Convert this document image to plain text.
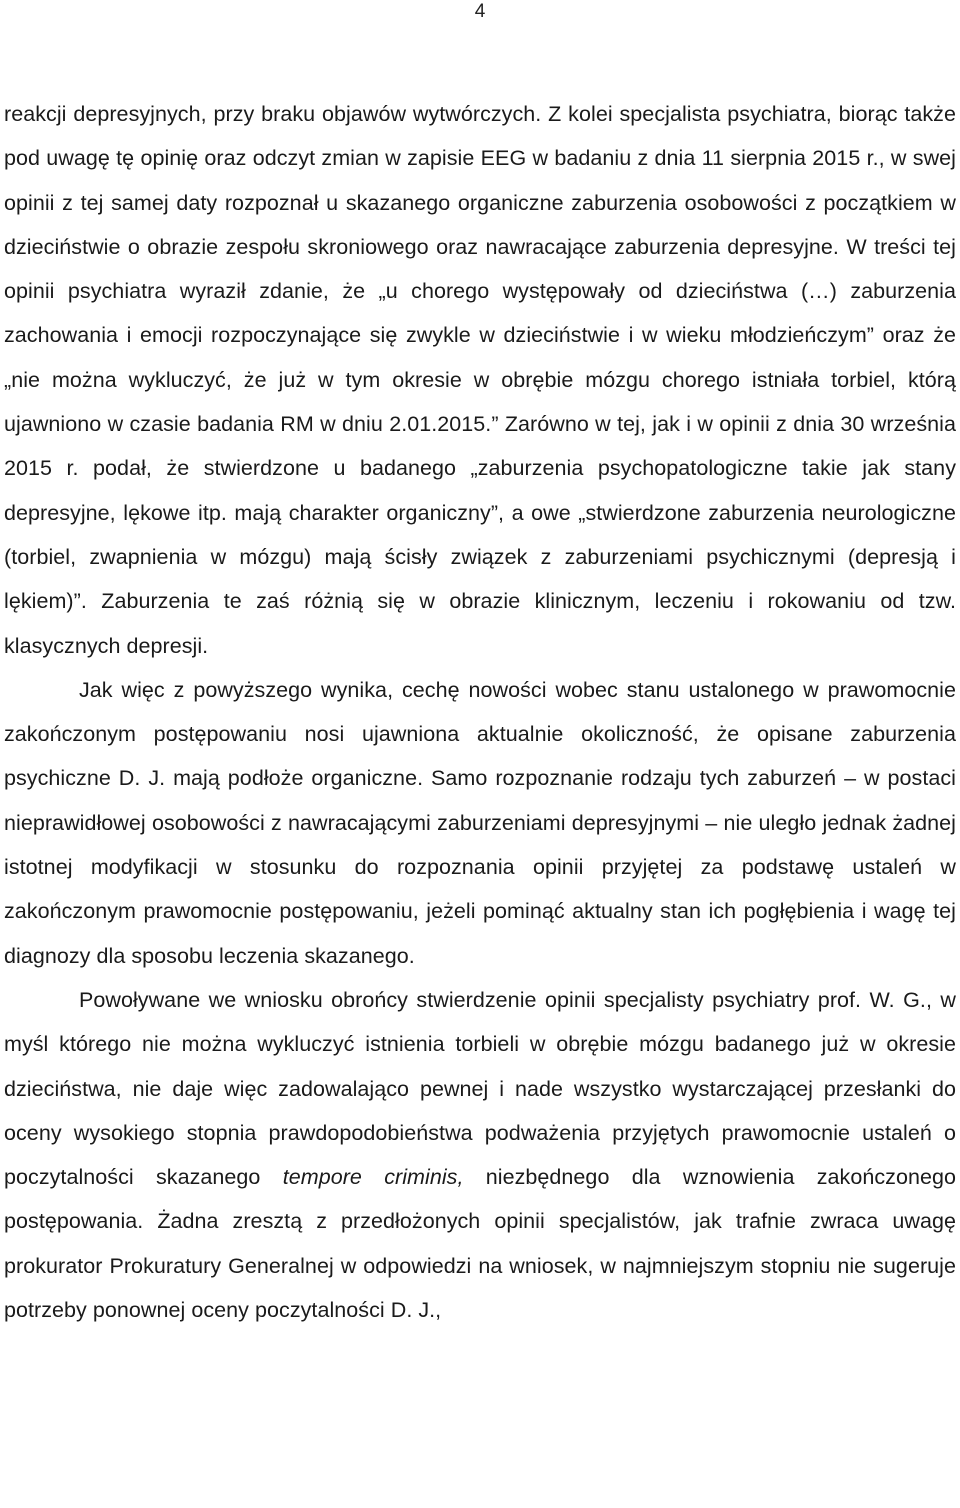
4

reakcji depresyjnych, przy braku objawów wytwórczych. Z kolei specjalista psychiatra, biorąc także pod uwagę tę opinię oraz odczyt zmian w zapisie EEG w badaniu z dnia 11 sierpnia 2015 r., w swej opinii z tej samej daty rozpoznał u skazanego organiczne zaburzenia osobowości z początkiem w dzieciństwie o obrazie zespołu skroniowego oraz nawracające zaburzenia depresyjne. W treści tej opinii psychiatra wyraził zdanie, że „u chorego występowały od dzieciństwa (…) zaburzenia zachowania i emocji rozpoczynające się zwykle w dzieciństwie i w wieku młodzieńczym” oraz że „nie można wykluczyć, że już w tym okresie w obrębie mózgu chorego istniała torbiel, którą ujawniono w czasie badania RM w dniu 2.01.2015.” Zarówno w tej, jak i w opinii z dnia 30 września 2015 r. podał, że stwierdzone u badanego „zaburzenia psychopatologiczne takie jak stany depresyjne, lękowe itp. mają charakter organiczny”, a owe „stwierdzone zaburzenia neurologiczne (torbiel, zwapnienia w mózgu) mają ścisły związek z zaburzeniami psychicznymi (depresją i lękiem)”. Zaburzenia te zaś różnią się w obrazie klinicznym, leczeniu i rokowaniu od tzw. klasycznych depresji.

Jak więc z powyższego wynika, cechę nowości wobec stanu ustalonego w prawomocnie zakończonym postępowaniu nosi ujawniona aktualnie okoliczność, że opisane zaburzenia psychiczne D. J. mają podłoże organiczne. Samo rozpoznanie rodzaju tych zaburzeń – w postaci nieprawidłowej osobowości z nawracającymi zaburzeniami depresyjnymi – nie uległo jednak żadnej istotnej modyfikacji w stosunku do rozpoznania opinii przyjętej za podstawę ustaleń w zakończonym prawomocnie postępowaniu, jeżeli pominąć aktualny stan ich pogłębienia i wagę tej diagnozy dla sposobu leczenia skazanego.

Powoływane we wniosku obrońcy stwierdzenie opinii specjalisty psychiatry prof. W. G., w myśl którego nie można wykluczyć istnienia torbieli w obrębie mózgu badanego już w okresie dzieciństwa, nie daje więc zadowalająco pewnej i nade wszystko wystarczającej przesłanki do oceny wysokiego stopnia prawdopodobieństwa podważenia przyjętych prawomocnie ustaleń o poczytalności skazanego tempore criminis, niezbędnego dla wznowienia zakończonego postępowania. Żadna zresztą z przedłożonych opinii specjalistów, jak trafnie zwraca uwagę prokurator Prokuratury Generalnej w odpowiedzi na wniosek, w najmniejszym stopniu nie sugeruje potrzeby ponownej oceny poczytalności D. J.,
